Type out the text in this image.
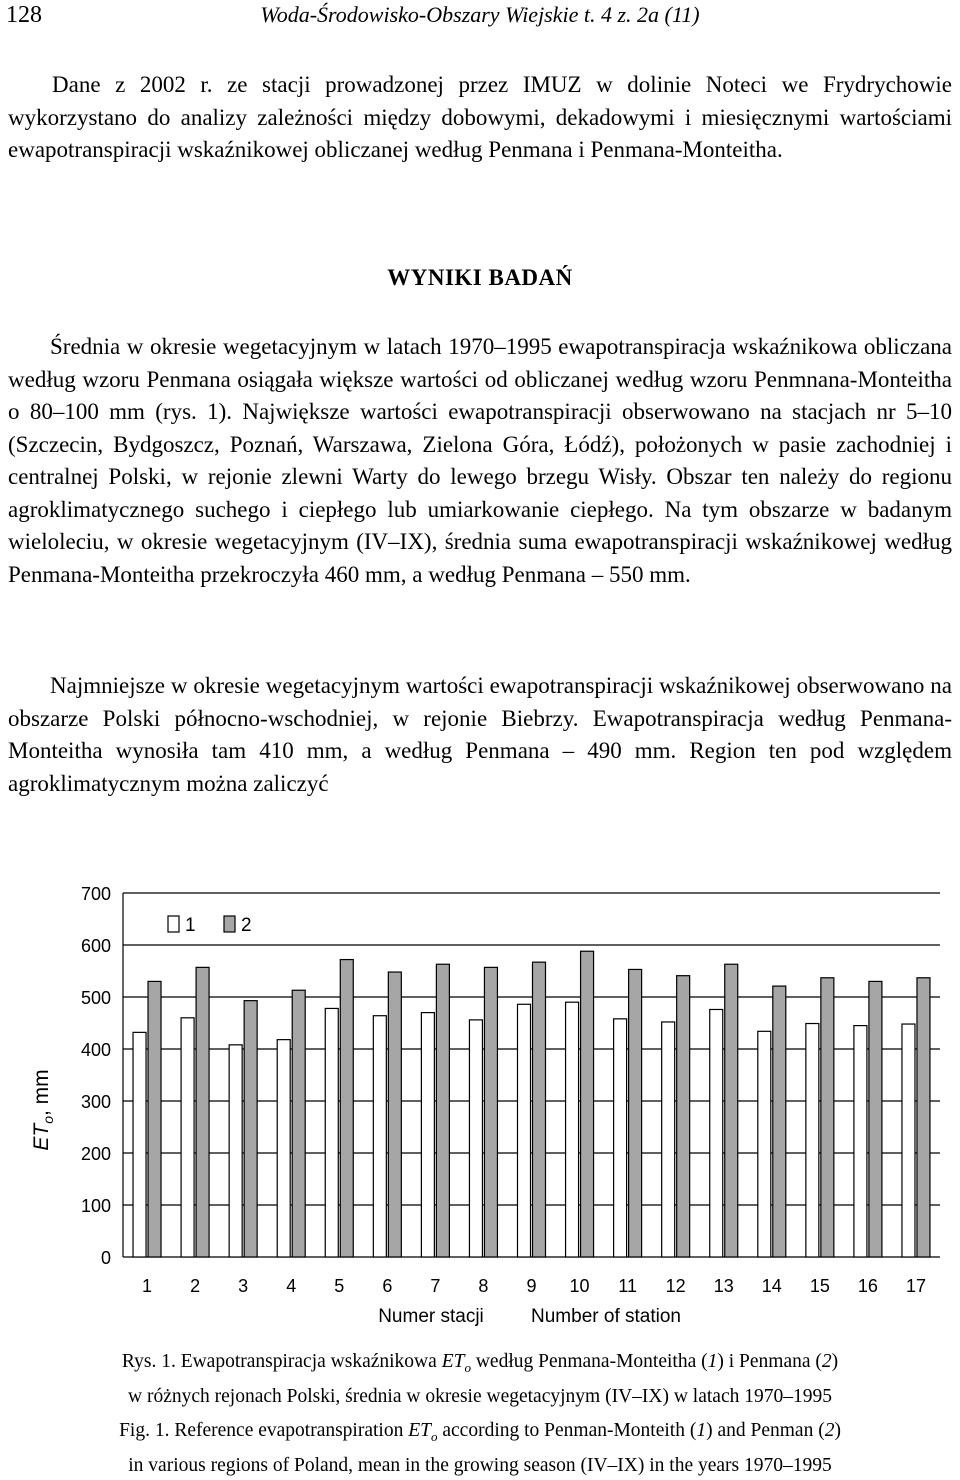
128	Woda-Środowisko-Obszary Wiejskie t. 4 z. 2a (11)

Dane z 2002 r. ze stacji prowadzonej przez IMUZ w dolinie Noteci we Frydrychowie wykorzystano do analizy zależności między dobowymi, dekadowymi i miesięcznymi wartościami ewapotranspiracji wskaźnikowej obliczanej według Penmana i Penmana-Monteitha.

WYNIKI BADAŃ

Średnia w okresie wegetacyjnym w latach 1970–1995 ewapotranspiracja wskaźnikowa obliczana według wzoru Penmana osiągała większe wartości od obliczanej według wzoru Penmnana-Monteitha o 80–100 mm (rys. 1). Największe wartości ewapotranspiracji obserwowano na stacjach nr 5–10 (Szczecin, Bydgoszcz, Poznań, Warszawa, Zielona Góra, Łódź), położonych w pasie zachodniej i centralnej Polski, w rejonie zlewni Warty do lewego brzegu Wisły. Obszar ten należy do regionu agroklimatycznego suchego i ciepłego lub umiarkowanie ciepłego. Na tym obszarze w badanym wieloleciu, w okresie wegetacyjnym (IV–IX), średnia suma ewapotranspiracji wskaźnikowej według Penmana-Monteitha przekroczyła 460 mm, a według Penmana – 550 mm.

Najmniejsze w okresie wegetacyjnym wartości ewapotranspiracji wskaźnikowej obserwowano na obszarze Polski północno-wschodniej, w rejonie Biebrzy. Ewapotranspiracja według Penmana-Monteitha wynosiła tam 410 mm, a według Penmana – 490 mm. Region ten pod względem agroklimatycznym można zaliczyć

0
100
200
300
400
500
600
700
1 2 3 4 5 6 7 8 9 10 11 12 13 14 15 16 17
1 2
$ET_o$, mm
Numer stacji Number of station
Rys. 1. Ewapotranspiracja wskaźnikowa $ET_o$ według Penmana-Monteitha (1) i Penmana (2)
w różnych rejonach Polski, średnia w okresie wegetacyjnym (IV–IX) w latach 1970–1995
Fig. 1. Reference evapotranspiration $ET_o$ according to Penman-Monteith (1) and Penman (2)
in various regions of Poland, mean in the growing season (IV–IX) in the years 1970–1995
